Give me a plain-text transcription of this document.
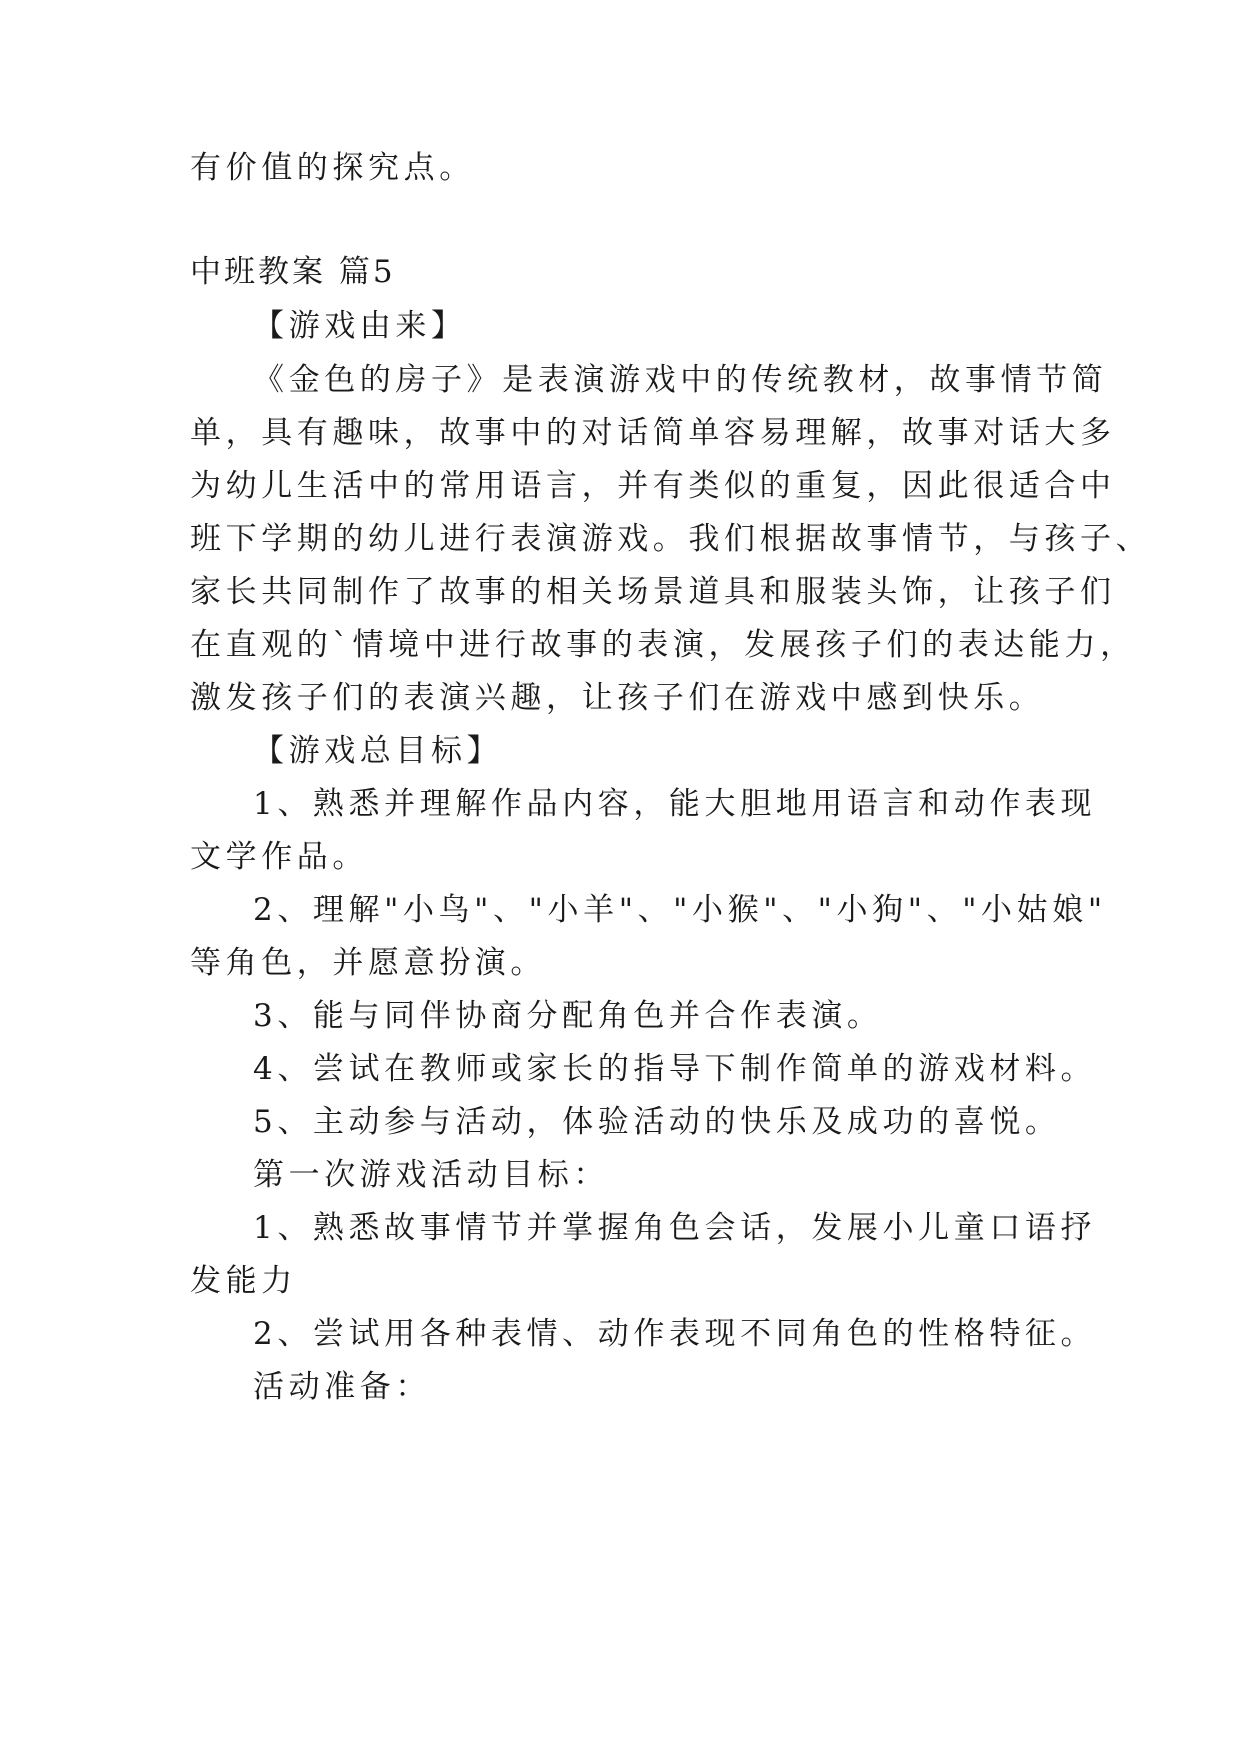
有价值的探究点。

中班教案 篇5

【游戏由来】

《金色的房子》是表演游戏中的传统教材，故事情节简

单，具有趣味，故事中的对话简单容易理解，故事对话大多

为幼儿生活中的常用语言，并有类似的重复，因此很适合中

班下学期的幼儿进行表演游戏。我们根据故事情节，与孩子、

家长共同制作了故事的相关场景道具和服装头饰，让孩子们

在直观的`情境中进行故事的表演，发展孩子们的表达能力，

激发孩子们的表演兴趣，让孩子们在游戏中感到快乐。

【游戏总目标】

1、熟悉并理解作品内容，能大胆地用语言和动作表现

文学作品。

2、理解"小鸟"、"小羊"、"小猴"、"小狗"、"小姑娘"

等角色，并愿意扮演。

3、能与同伴协商分配角色并合作表演。

4、尝试在教师或家长的指导下制作简单的游戏材料。

5、主动参与活动，体验活动的快乐及成功的喜悦。

第一次游戏活动目标：

1、熟悉故事情节并掌握角色会话，发展小儿童口语抒

发能力

2、尝试用各种表情、动作表现不同角色的性格特征。

活动准备：
